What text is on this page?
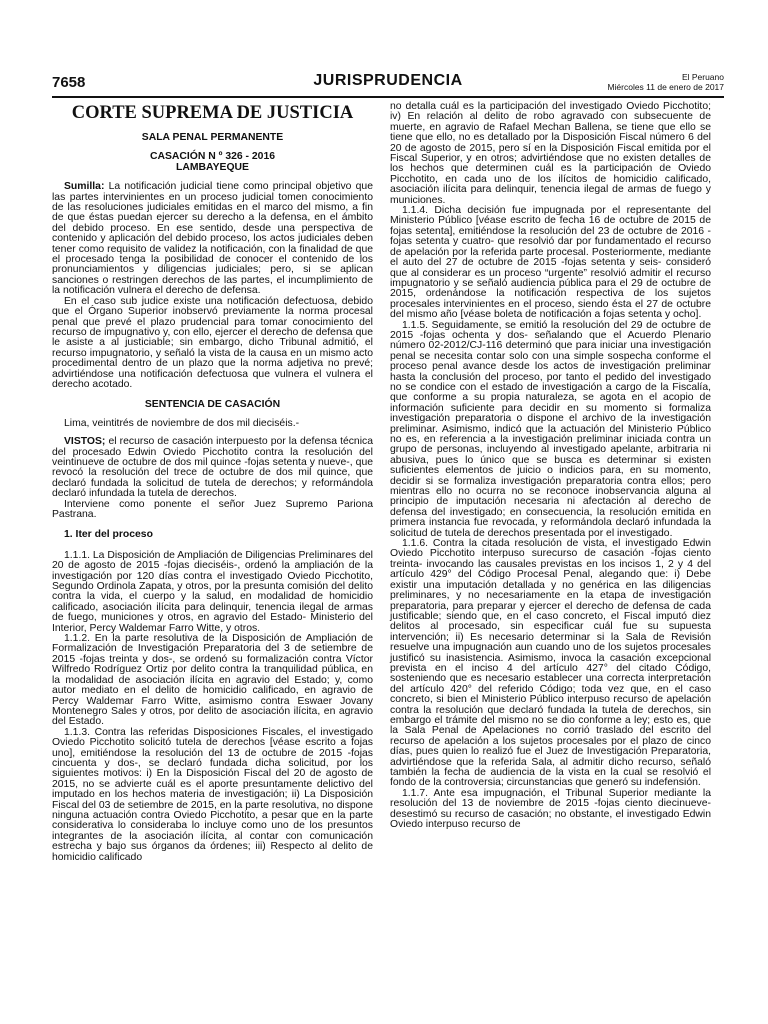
7658	JURISPRUDENCIA	El Peruano
Miércoles 11 de enero de 2017
CORTE SUPREMA DE JUSTICIA
SALA PENAL PERMANENTE
CASACIÓN N º 326 - 2016
LAMBAYEQUE

Sumilla: La notificación judicial tiene como principal objetivo que las partes intervinientes en un proceso judicial tomen conocimiento de las resoluciones judiciales emitidas en el marco del mismo, a fin de que éstas puedan ejercer su derecho a la defensa, en el ámbito del debido proceso. En ese sentido, desde una perspectiva de contenido y aplicación del debido proceso, los actos judiciales deben tener como requisito de validez la notificación, con la finalidad de que el procesado tenga la posibilidad de conocer el contenido de los pronunciamientos y diligencias judiciales; pero, si se aplican sanciones o restringen derechos de las partes, el incumplimiento de la notificación vulnera el derecho de defensa.

En el caso sub judice existe una notificación defectuosa, debido que el Órgano Superior inobservó previamente la norma procesal penal que prevé el plazo prudencial para tomar conocimiento del recurso de impugnativo y, con ello, ejercer el derecho de defensa que le asiste a al justiciable; sin embargo, dicho Tribunal admitió, el recurso impugnatorio, y señaló la vista de la causa en un mismo acto procedimental dentro de un plazo que la norma adjetiva no prevé; advirtiéndose una notificación defectuosa que vulnera el vulnera el derecho acotado.

SENTENCIA DE CASACIÓN

Lima, veintitrés de noviembre de dos mil dieciséis.-

VISTOS; el recurso de casación interpuesto por la defensa técnica del procesado Edwin Oviedo Picchotito contra la resolución del veintinueve de octubre de dos mil quince -fojas setenta y nueve-, que revocó la resolución del trece de octubre de dos mil quince, que declaró fundada la solicitud de tutela de derechos; y reformándola declaró infundada la tutela de derechos.

Interviene como ponente el señor Juez Supremo Pariona Pastrana.

1. Iter del proceso

1.1.1. La Disposición de Ampliación de Diligencias Preliminares del 20 de agosto de 2015 -fojas dieciséis-, ordenó la ampliación de la investigación por 120 días contra el investigado Oviedo Picchotito, Segundo Ordinola Zapata, y otros, por la presunta comisión del delito contra la vida, el cuerpo y la salud, en modalidad de homicidio calificado, asociación ilícita para delinquir, tenencia ilegal de armas de fuego, municiones y otros, en agravio del Estado- Ministerio del Interior, Percy Waldemar Farro Witte, y otros.

1.1.2. En la parte resolutiva de la Disposición de Ampliación de Formalización de Investigación Preparatoria del 3 de setiembre de 2015 -fojas treinta y dos-, se ordenó su formalización contra Víctor Wilfredo Rodríguez Ortiz por delito contra la tranquilidad pública, en la modalidad de asociación ilícita en agravio del Estado; y, como autor mediato en el delito de homicidio calificado, en agravio de Percy Waldemar Farro Witte, asimismo contra Eswaer Jovany Montenegro Sales y otros, por delito de asociación ilícita, en agravio del Estado.

1.1.3. Contra las referidas Disposiciones Fiscales, el investigado Oviedo Picchotito solicitó tutela de derechos [véase escrito a fojas uno], emitiéndose la resolución del 13 de octubre de 2015 -fojas cincuenta y dos-, se declaró fundada dicha solicitud, por los siguientes motivos: i) En la Disposición Fiscal del 20 de agosto de 2015, no se advierte cuál es el aporte presuntamente delictivo del imputado en los hechos materia de investigación; ii) La Disposición Fiscal del 03 de setiembre de 2015, en la parte resolutiva, no dispone ninguna actuación contra Oviedo Picchotito, a pesar que en la parte considerativa lo consideraba lo incluye como uno de los presuntos integrantes de la asociación ilícita, al contar con comunicación estrecha y bajo sus órganos da órdenes; iii) Respecto al delito de homicidio calificado

no detalla cuál es la participación del investigado Oviedo Picchotito; iv) En relación al delito de robo agravado con subsecuente de muerte, en agravio de Rafael Mechan Ballena, se tiene que ello se tiene que ello, no es detallado por la Disposición Fiscal número 6 del 20 de agosto de 2015, pero sí en la Disposición Fiscal emitida por el Fiscal Superior, y en otros; advirtiéndose que no existen detalles de los hechos que determinen cuál es la participación de Oviedo Picchotito, en cada uno de los ilícitos de homicidio calificado, asociación ilícita para delinquir, tenencia ilegal de armas de fuego y municiones.

1.1.4. Dicha decisión fue impugnada por el representante del Ministerio Público [véase escrito de fecha 16 de octubre de 2015 de fojas setenta], emitiéndose la resolución del 23 de octubre de 2016 -fojas setenta y cuatro- que resolvió dar por fundamentado el recurso de apelación por la referida parte procesal. Posteriormente, mediante el auto del 27 de octubre de 2015 -fojas setenta y seis- consideró que al considerar es un proceso “urgente” resolvió admitir el recurso impugnatorio y se señaló audiencia pública para el 29 de octubre de 2015, ordenándose la notificación respectiva de los sujetos procesales intervinientes en el proceso, siendo ésta el 27 de octubre del mismo año [véase boleta de notificación a fojas setenta y ocho].

1.1.5. Seguidamente, se emitió la resolución del 29 de octubre de 2015 -fojas ochenta y dos- señalando que el Acuerdo Plenario número 02-2012/CJ-116 determinó que para iniciar una investigación penal se necesita contar solo con una simple sospecha conforme el proceso penal avance desde los actos de investigación preliminar hasta la conclusión del proceso, por tanto el pedido del investigado no se condice con el estado de investigación a cargo de la Fiscalía, que conforme a su propia naturaleza, se agota en el acopio de información suficiente para decidir en su momento si formaliza investigación preparatoria o dispone el archivo de la investigación preliminar. Asimismo, indicó que la actuación del Ministerio Público no es, en referencia a la investigación preliminar iniciada contra un grupo de personas, incluyendo al investigado apelante, arbitraria ni abusiva, pues lo único que se busca es determinar si existen suficientes elementos de juicio o indicios para, en su momento, decidir si se formaliza investigación preparatoria contra ellos; pero mientras ello no ocurra no se reconoce inobservancia alguna al principio de imputación necesaria ni afectación al derecho de defensa del investigado; en consecuencia, la resolución emitida en primera instancia fue revocada, y reformándola declaró infundada la solicitud de tutela de derechos presentada por el investigado.

1.1.6. Contra la citada resolución de vista, el investigado Edwin Oviedo Picchotito interpuso surecurso de casación -fojas ciento treinta- invocando las causales previstas en los incisos 1, 2 y 4 del artículo 429° del Código Procesal Penal, alegando que: i) Debe existir una imputación detallada y no genérica en las diligencias preliminares, y no necesariamente en la etapa de investigación preparatoria, para preparar y ejercer el derecho de defensa de cada justificable; siendo que, en el caso concreto, el Fiscal imputó diez delitos al procesado, sin especificar cuál fue su supuesta intervención; ii) Es necesario determinar si la Sala de Revisión resuelve una impugnación aun cuando uno de los sujetos procesales justificó su inasistencia. Asimismo, invoca la casación excepcional prevista en el inciso 4 del artículo 427° del citado Código, sosteniendo que es necesario establecer una correcta interpretación del artículo 420° del referido Código; toda vez que, en el caso concreto, si bien el Ministerio Público interpuso recurso de apelación contra la resolución que declaró fundada la tutela de derechos, sin embargo el trámite del mismo no se dio conforme a ley; esto es, que la Sala Penal de Apelaciones no corrió traslado del escrito del recurso de apelación a los sujetos procesales por el plazo de cinco días, pues quien lo realizó fue el Juez de Investigación Preparatoria, advirtiéndose que la referida Sala, al admitir dicho recurso, señaló también la fecha de audiencia de la vista en la cual se resolvió el fondo de la controversia; circunstancias que generó su indefensión.

1.1.7. Ante esa impugnación, el Tribunal Superior mediante la resolución del 13 de noviembre de 2015 -fojas ciento diecinueve- desestimó su recurso de casación; no obstante, el investigado Edwin Oviedo interpuso recurso de
